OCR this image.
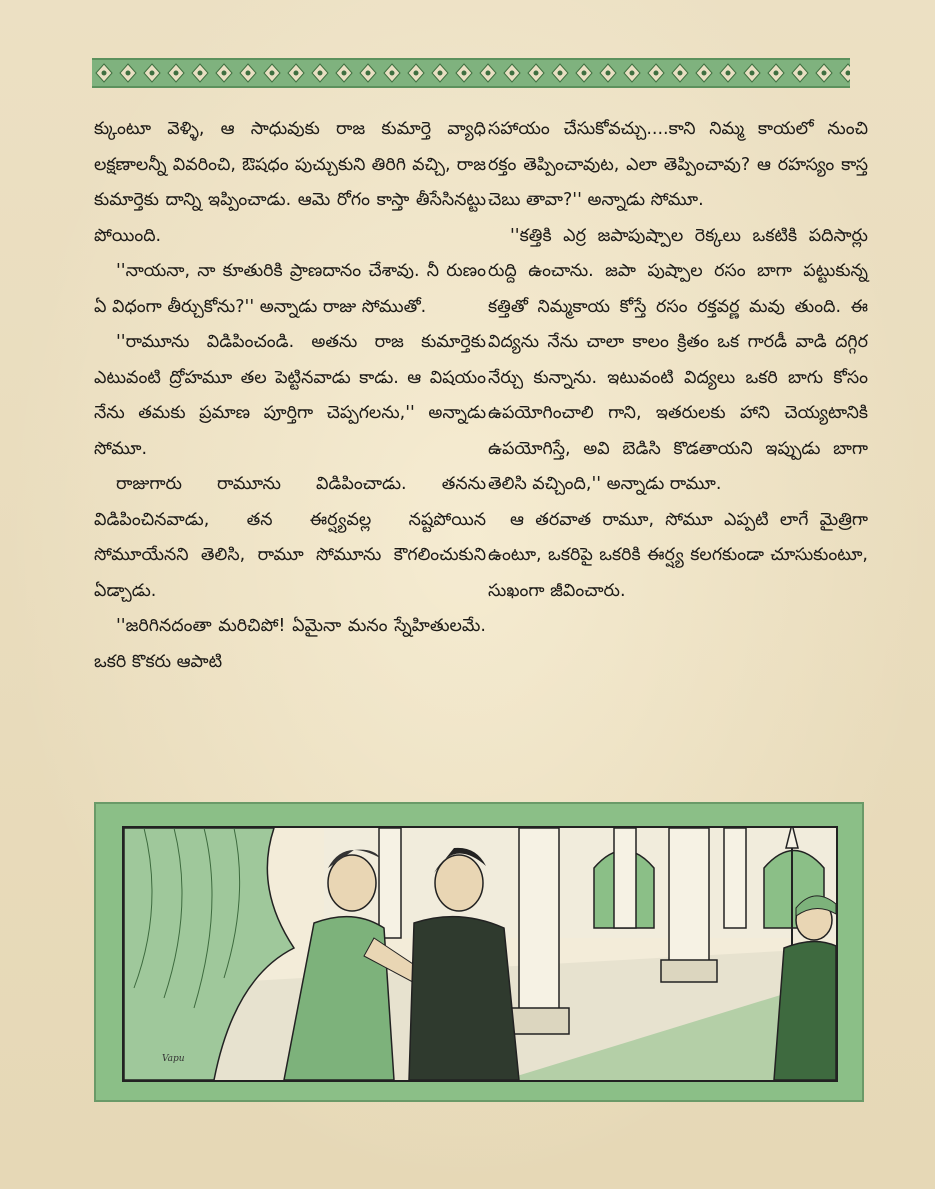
క్కుంటూ వెళ్ళి, ఆ సాధువుకు రాజ కుమార్తె వ్యాధి లక్షణాలన్నీ వివరించి, ఔషధం పుచ్చుకుని తిరిగి వచ్చి, రాజ కుమార్తెకు దాన్ని ఇప్పించాడు. ఆమె రోగం కాస్తా తీసేసినట్టు పోయింది.

''నాయనా, నా కూతురికి ప్రాణదానం చేశావు. నీ రుణం ఏ విధంగా తీర్చుకోను?'' అన్నాడు రాజు సోముతో.

''రామూను విడిపించండి. అతను రాజ కుమార్తెకు ఎటువంటి ద్రోహమూ తల పెట్టినవాడు కాడు. ఆ విషయం నేను తమకు ప్రమాణ పూర్తిగా చెప్పగలను,'' అన్నాడు సోమూ.

రాజుగారు రామూను విడిపించాడు. తనను విడిపించినవాడు, తన ఈర్ష్యవల్ల నష్టపోయిన సోమూయేనని తెలిసి, రామూ సోమూను కౌగలించుకుని ఏడ్చాడు.

''జరిగినదంతా మరిచిపో! ఏమైనా మనం స్నేహితులమే. ఒకరి కొకరు ఆపాటి

సహాయం చేసుకోవచ్చు....కాని నిమ్మ కాయలో నుంచి రక్తం తెప్పించావుట, ఎలా తెప్పించావు? ఆ రహస్యం కాస్త చెబు తావా?'' అన్నాడు సోమూ.

''కత్తికి ఎర్ర జపాపుష్పాల రెక్కలు ఒకటికి పదిసార్లు రుద్ది ఉంచాను. జపా పుష్పాల రసం బాగా పట్టుకున్న కత్తితో నిమ్మకాయ కోస్తే రసం రక్తవర్ణ మవు తుంది. ఈ విద్యను నేను చాలా కాలం క్రితం ఒక గారడీ వాడి దగ్గిర నేర్చు కున్నాను. ఇటువంటి విద్యలు ఒకరి బాగు కోసం ఉపయోగించాలి గాని, ఇతరులకు హాని చెయ్యటానికి ఉపయోగిస్తే, అవి బెడిసి కొడతాయని ఇప్పుడు బాగా తెలిసి వచ్చింది,'' అన్నాడు రామూ.

ఆ తరవాత రామూ, సోమూ ఎప్పటి లాగే మైత్రిగా ఉంటూ, ఒకరిపై ఒకరికి ఈర్ష్య కలగకుండా చూసుకుంటూ, సుఖంగా జీవించారు.

Vapu
